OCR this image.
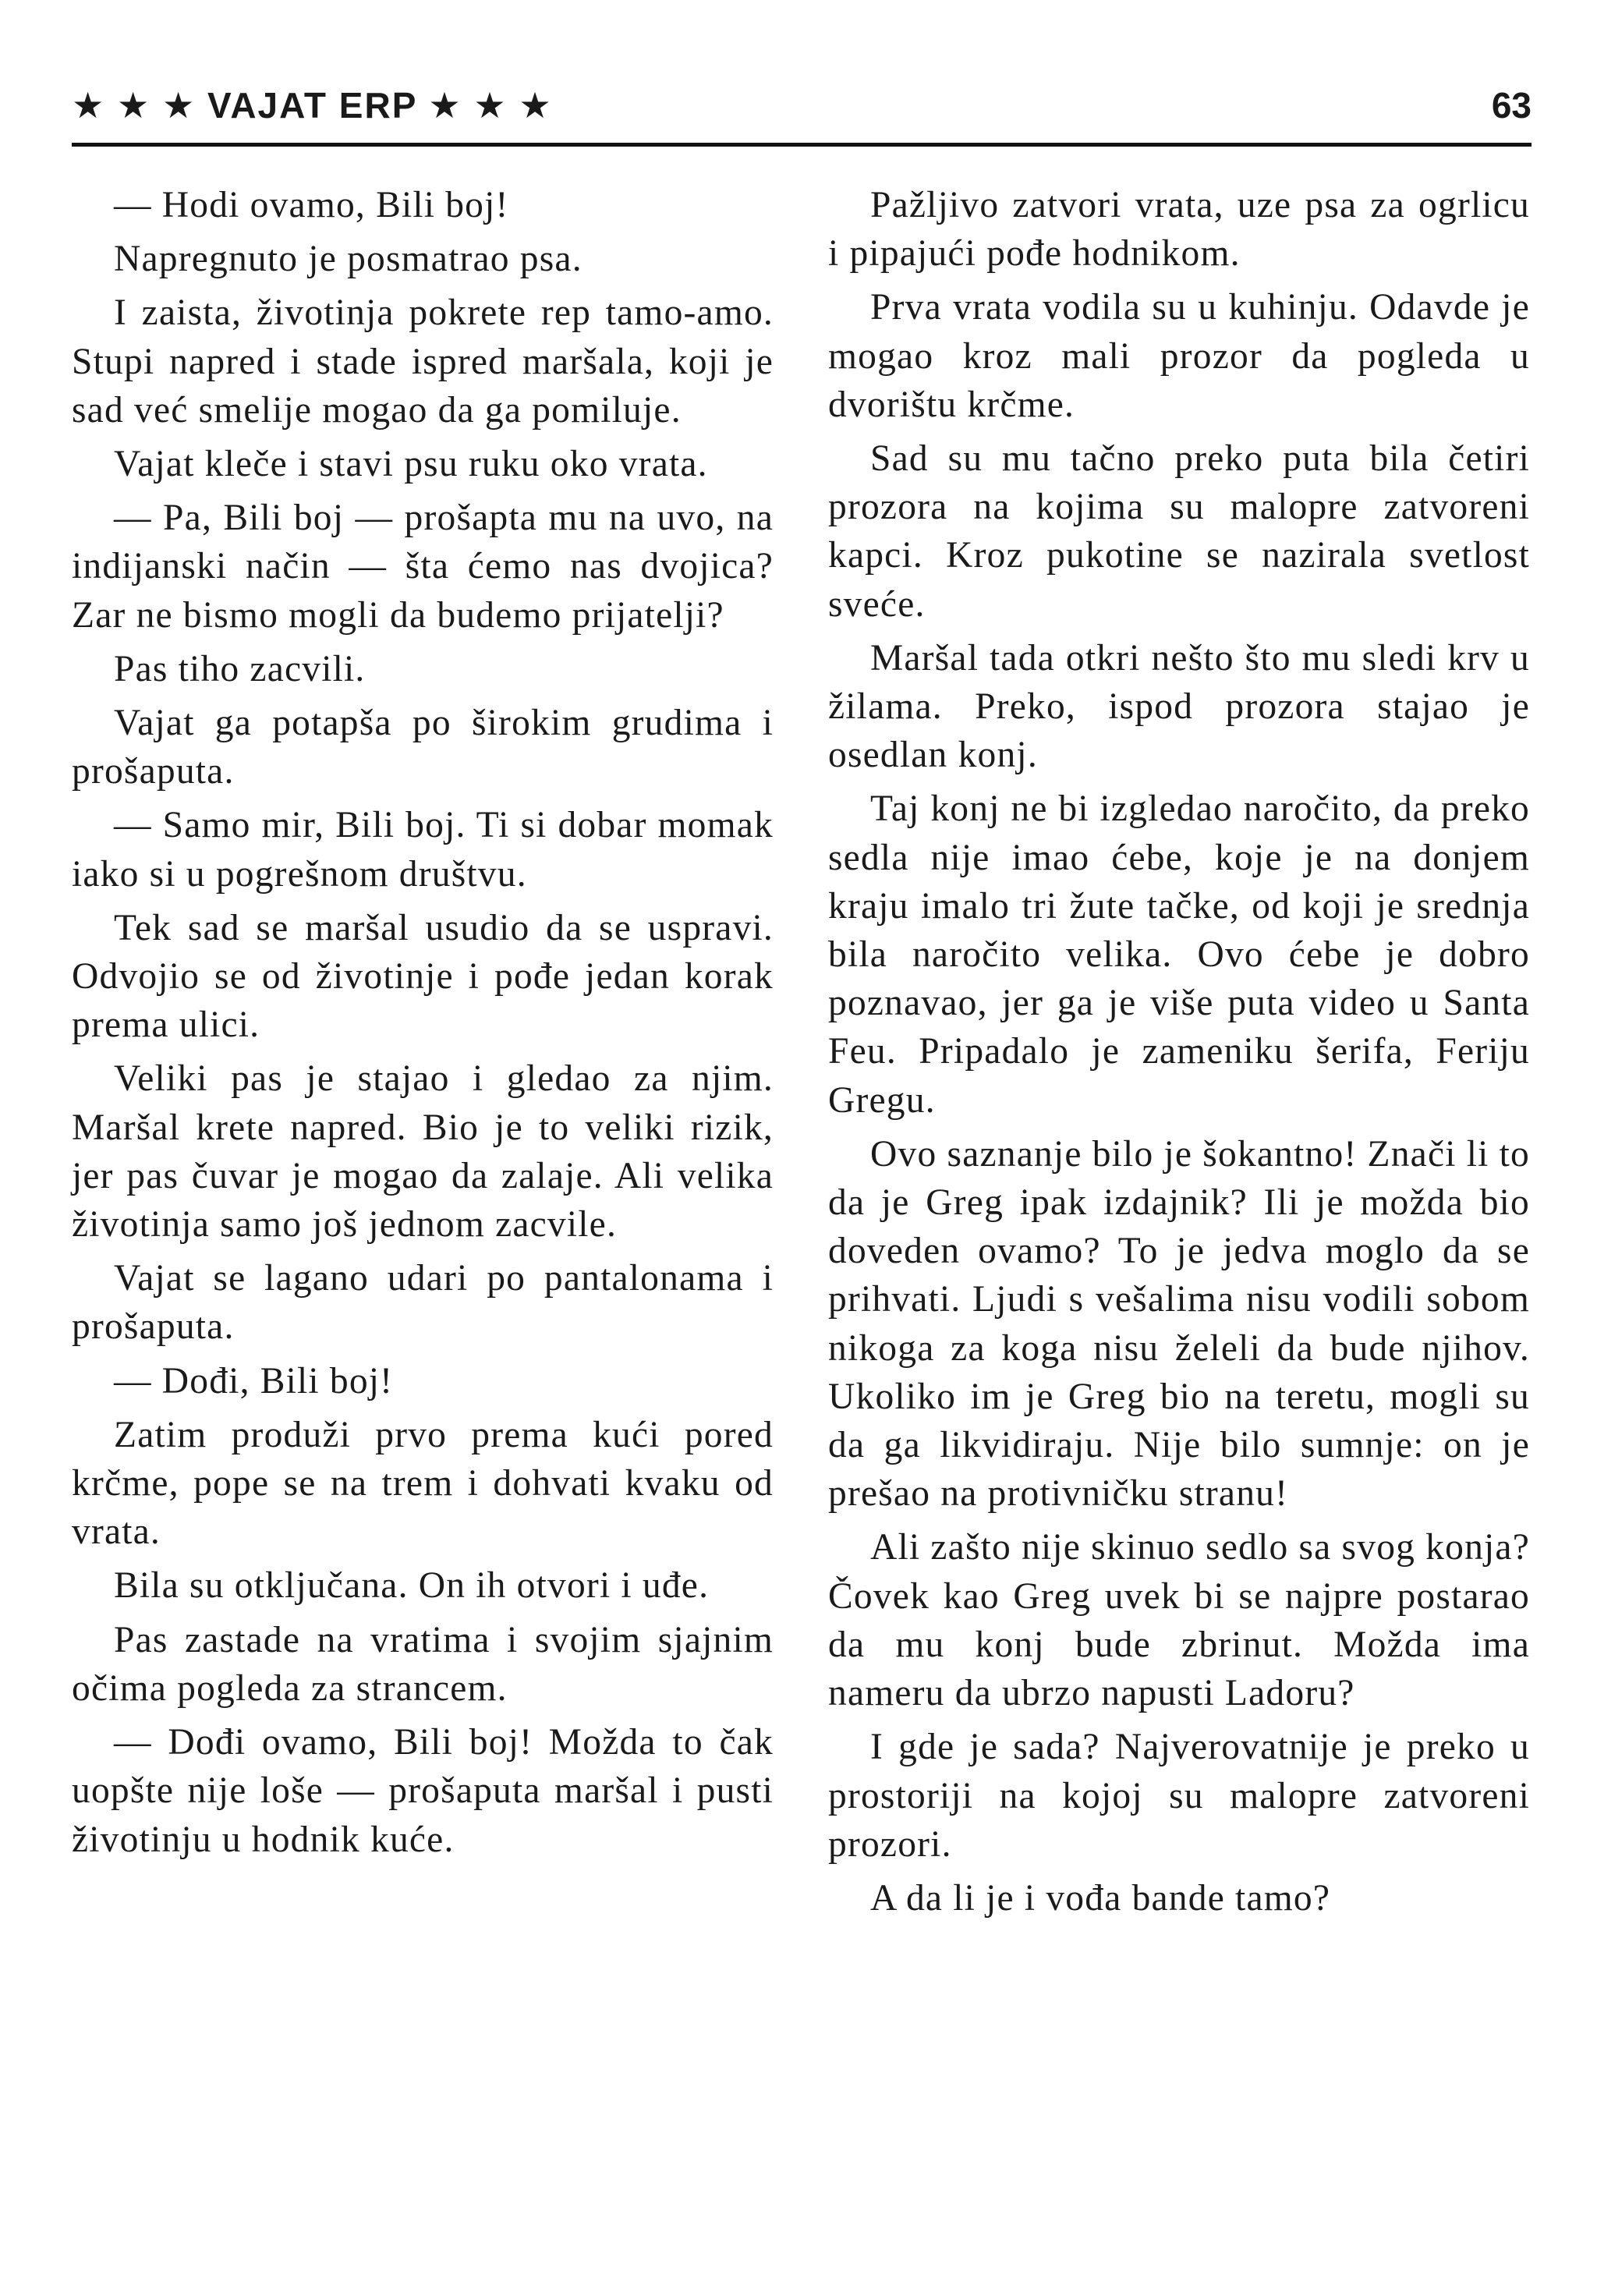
★ ★ ★ VAJAT ERP ★ ★ ★	63

— Hodi ovamo, Bili boj!

Napregnuto je posmatrao psa.

I zaista, životinja pokrete rep tamo-amo. Stupi napred i stade ispred maršala, koji je sad već smelije mogao da ga pomiluje.

Vajat kleče i stavi psu ruku oko vrata.

— Pa, Bili boj — prošapta mu na uvo, na indijanski način — šta ćemo nas dvojica? Zar ne bismo mogli da budemo prijatelji?

Pas tiho zacvili.

Vajat ga potapša po širokim grudima i prošaputa.

— Samo mir, Bili boj. Ti si dobar momak iako si u pogrešnom društvu.

Tek sad se maršal usudio da se uspravi. Odvojio se od životinje i pođe jedan korak prema ulici.

Veliki pas je stajao i gledao za njim. Maršal krete napred. Bio je to veliki rizik, jer pas čuvar je mogao da zalaje. Ali velika životinja samo još jednom zacvile.

Vajat se lagano udari po pantalonama i prošaputa.

— Dođi, Bili boj!

Zatim produži prvo prema kući pored krčme, pope se na trem i dohvati kvaku od vrata.

Bila su otključana. On ih otvori i uđe.

Pas zastade na vratima i svojim sjajnim očima pogleda za strancem.

— Dođi ovamo, Bili boj! Možda to čak uopšte nije loše — prošaputa maršal i pusti životinju u hodnik kuće.

Pažljivo zatvori vrata, uze psa za ogrlicu i pipajući pođe hodnikom.

Prva vrata vodila su u kuhinju. Odavde je mogao kroz mali prozor da pogleda u dvorištu krčme.

Sad su mu tačno preko puta bila četiri prozora na kojima su malopre zatvoreni kapci. Kroz pukotine se nazirala svetlost sveće.

Maršal tada otkri nešto što mu sledi krv u žilama. Preko, ispod prozora stajao je osedlan konj.

Taj konj ne bi izgledao naročito, da preko sedla nije imao ćebe, koje je na donjem kraju imalo tri žute tačke, od koji je srednja bila naročito velika. Ovo ćebe je dobro poznavao, jer ga je više puta video u Santa Feu. Pripadalo je zameniku šerifa, Feriju Gregu.

Ovo saznanje bilo je šokantno! Znači li to da je Greg ipak izdajnik? Ili je možda bio doveden ovamo? To je jedva moglo da se prihvati. Ljudi s vešalima nisu vodili sobom nikoga za koga nisu želeli da bude njihov. Ukoliko im je Greg bio na teretu, mogli su da ga likvidiraju. Nije bilo sumnje: on je prešao na protivničku stranu!

Ali zašto nije skinuo sedlo sa svog konja? Čovek kao Greg uvek bi se najpre postarao da mu konj bude zbrinut. Možda ima nameru da ubrzo napusti Ladoru?

I gde je sada? Najverovatnije je preko u prostoriji na kojoj su malopre zatvoreni prozori.

A da li je i vođa bande tamo?
